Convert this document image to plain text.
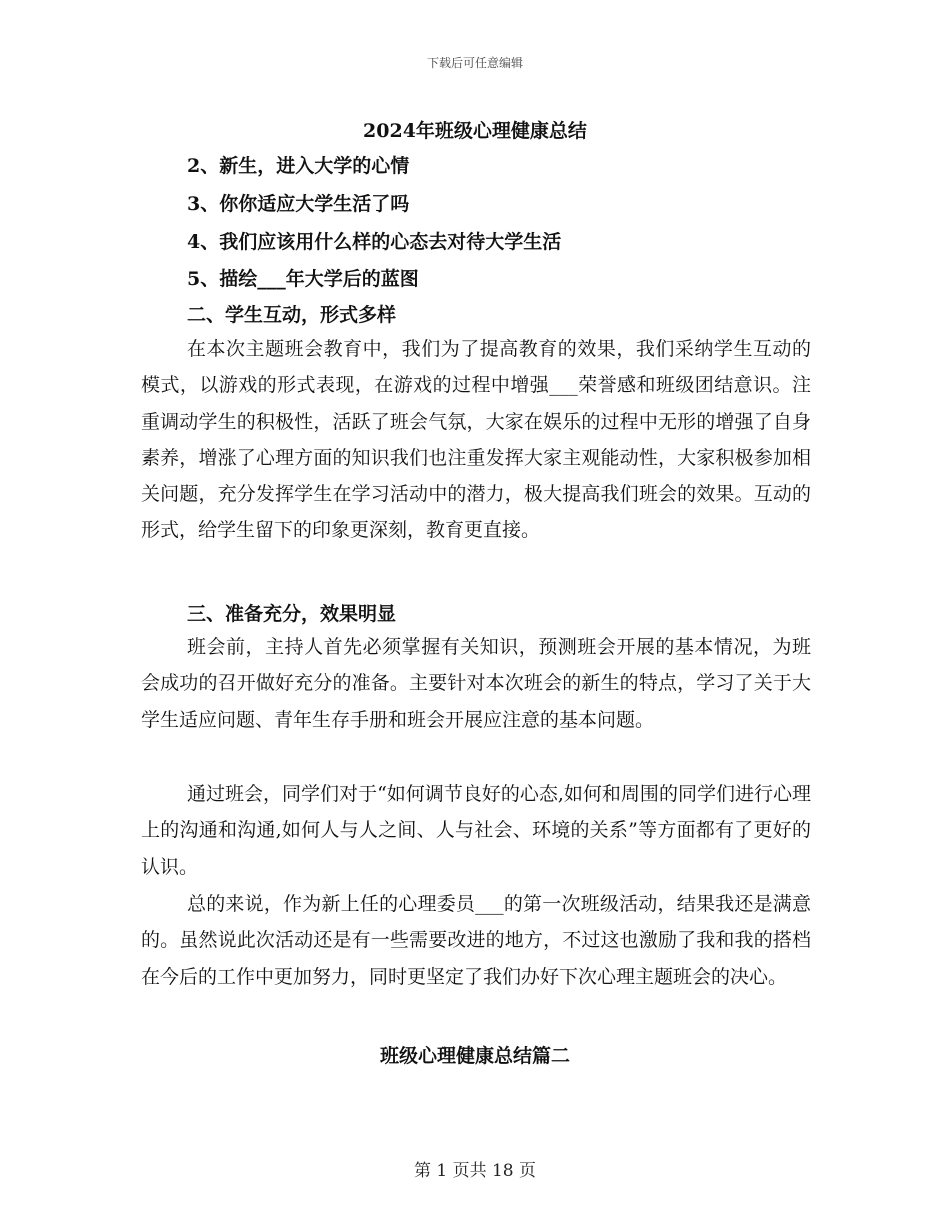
下载后可任意编辑
2024年班级心理健康总结
2、新生，进入大学的心情
3、你你适应大学生活了吗
4、我们应该用什么样的心态去对待大学生活
5、描绘___年大学后的蓝图
二、学生互动，形式多样

在本次主题班会教育中，我们为了提高教育的效果，我们采纳学生互动的模式，以游戏的形式表现，在游戏的过程中增强___荣誉感和班级团结意识。注重调动学生的积极性，活跃了班会气氛，大家在娱乐的过程中无形的增强了自身素养，增涨了心理方面的知识我们也注重发挥大家主观能动性，大家积极参加相关问题，充分发挥学生在学习活动中的潜力，极大提高我们班会的效果。互动的形式，给学生留下的印象更深刻，教育更直接。

三、准备充分，效果明显

班会前，主持人首先必须掌握有关知识，预测班会开展的基本情况，为班会成功的召开做好充分的准备。主要针对本次班会的新生的特点，学习了关于大学生适应问题、青年生存手册和班会开展应注意的基本问题。

通过班会，同学们对于“如何调节良好的心态,如何和周围的同学们进行心理上的沟通和沟通,如何人与人之间、人与社会、环境的关系”等方面都有了更好的认识。

总的来说，作为新上任的心理委员___的第一次班级活动，结果我还是满意的。虽然说此次活动还是有一些需要改进的地方，不过这也激励了我和我的搭档在今后的工作中更加努力，同时更坚定了我们办好下次心理主题班会的决心。

班级心理健康总结篇二
第 1 页共 18 页
